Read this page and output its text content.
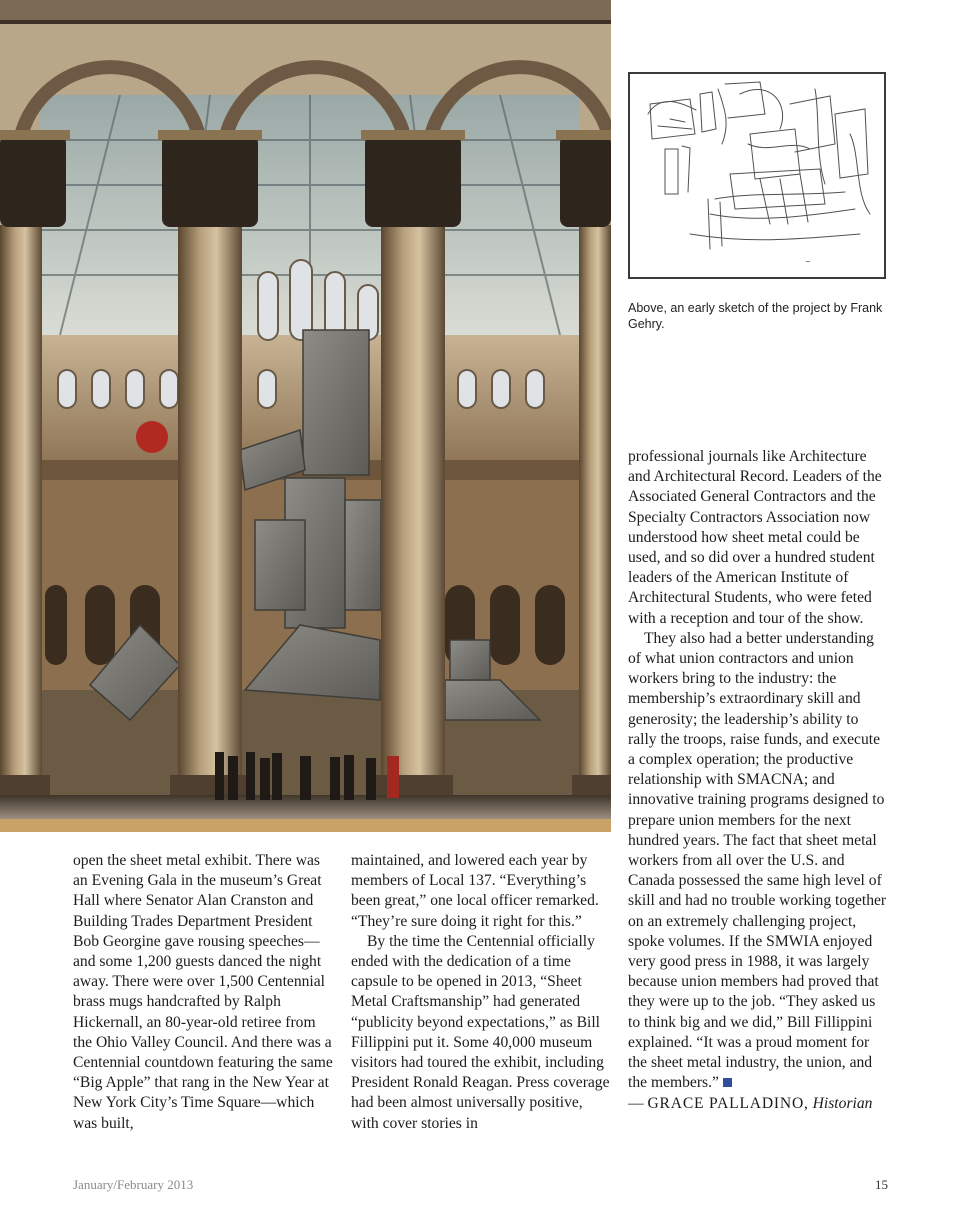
~

Above, an early sketch of the project by Frank Gehry.

open the sheet metal exhibit. There was an Evening Gala in the museum’s Great Hall where Senator Alan Cranston and Building Trades Department President Bob Georgine gave rousing speeches—and some 1,200 guests danced the night away. There were over 1,500 Centennial brass mugs handcrafted by Ralph Hickernall, an 80-year-old retiree from the Ohio Valley Council. And there was a Centennial countdown featuring the same “Big Apple” that rang in the New Year at New York City’s Time Square—which was built,

maintained, and lowered each year by members of Local 137. “Everything’s been great,” one local officer remarked. “They’re sure doing it right for this.”

By the time the Centennial officially ended with the dedication of a time capsule to be opened in 2013, “Sheet Metal Craftsmanship” had generated “publicity beyond expectations,” as Bill Fillippini put it. Some 40,000 museum visitors had toured the exhibit, including President Ronald Reagan. Press coverage had been almost universally positive, with cover stories in

professional journals like Architecture and Architectural Record. Leaders of the Associated General Contractors and the Specialty Contractors Association now understood how sheet metal could be used, and so did over a hundred student leaders of the American Institute of Architectural Students, who were feted with a reception and tour of the show.

They also had a better understanding of what union contractors and union workers bring to the industry: the membership’s extraordinary skill and generosity; the leadership’s ability to rally the troops, raise funds, and execute a complex operation; the productive relationship with SMACNA; and innovative training programs designed to prepare union members for the next hundred years. The fact that sheet metal workers from all over the U.S. and Canada possessed the same high level of skill and had no trouble working together on an extremely challenging project, spoke volumes. If the SMWIA enjoyed very good press in 1988, it was largely because union members had proved that they were up to the job. “They asked us to think big and we did,” Bill Fillippini explained. “It was a proud moment for the sheet metal industry, the union, and the members.”

— GRACE PALLADINO, Historian

January/February 2013	15
